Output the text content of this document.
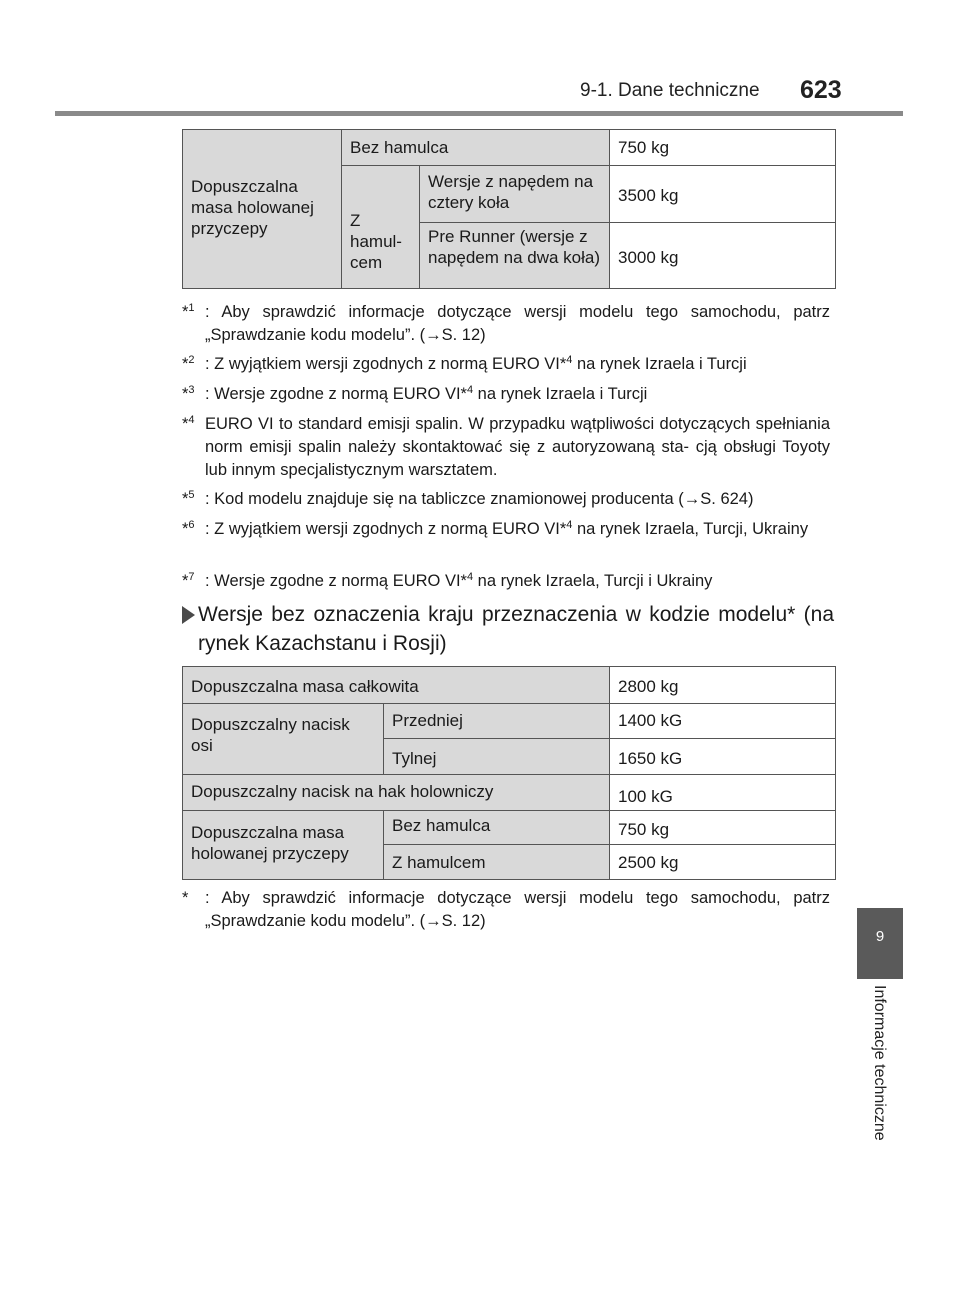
9-1. Dane techniczne 623
Dopuszczalna masa holowanej przyczepy
Bez hamulca	750 kg
Z hamul- cem
Wersje z napędem na cztery koła	3500 kg
Pre Runner (wersje z napędem na dwa koła)	3000 kg
*$^1$ : Aby sprawdzić informacje dotyczące wersji modelu tego samochodu, patrz „Sprawdzanie kodu modelu”. (→S. 12)
*$^2$ : Z wyjątkiem wersji zgodnych z normą EURO VI*$^4$ na rynek Izraela i Turcji
*$^3$ : Wersje zgodne z normą EURO VI*$^4$ na rynek Izraela i Turcji
*$^4$ EURO VI to standard emisji spalin. W przypadku wątpliwości dotyczących spełniania norm emisji spalin należy skontaktować się z autoryzowaną sta- cją obsługi Toyoty lub innym specjalistycznym warsztatem.
*$^5$ : Kod modelu znajduje się na tabliczce znamionowej producenta (→S. 624)
*$^6$ : Z wyjątkiem wersji zgodnych z normą EURO VI*$^4$ na rynek Izraela, Turcji, Ukrainy
*$^7$ : Wersje zgodne z normą EURO VI*$^4$ na rynek Izraela, Turcji i Ukrainy
Wersje bez oznaczenia kraju przeznaczenia w kodzie modelu* (na rynek Kazachstanu i Rosji)
Dopuszczalna masa całkowita	2800 kg
Dopuszczalny nacisk osi
Przedniej	1400 kG
Tylnej	1650 kG
Dopuszczalny nacisk na hak holowniczy	100 kG
Dopuszczalna masa holowanej przyczepy
Bez hamulca	750 kg
Z hamulcem	2500 kg
*	: Aby sprawdzić informacje dotyczące wersji modelu tego samochodu, patrz „Sprawdzanie kodu modelu”. (→S. 12)
9
Informacje techniczne
